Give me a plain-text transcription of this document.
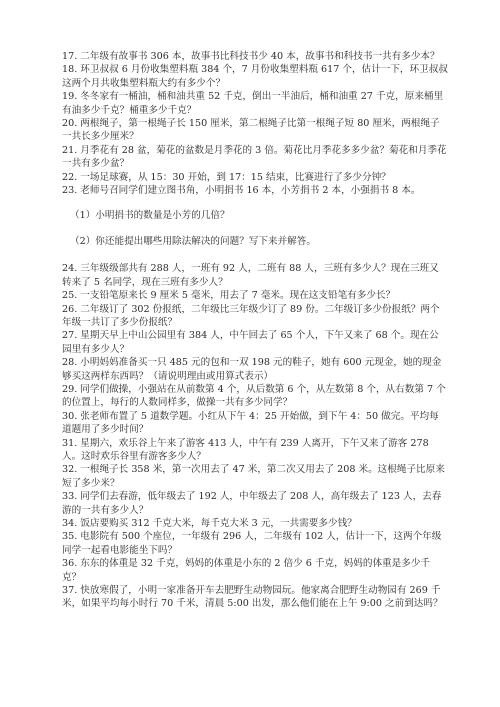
17. 二年级有故事书 306 本，故事书比科技书少 40 本，故事书和科技书一共有多少本？

18. 环卫叔叔 6 月份收集塑料瓶 384 个，7 月份收集塑料瓶 617 个，估计一下，环卫叔叔这两个月共收集塑料瓶大约有多少个？

19. 冬冬家有一桶油，桶和油共重 52 千克，倒出一半油后，桶和油重 27 千克，原来桶里有油多少千克？桶重多少千克？

20. 两根绳子，第一根绳子长 150 厘米，第二根绳子比第一根绳子短 80 厘米，两根绳子一共长多少厘米？

21. 月季花有 28 盆，菊花的盆数是月季花的 3 倍。菊花比月季花多多少盆？菊花和月季花一共有多少盆？

22. 一场足球赛，从 15：30 开始，到 17：15 结束，比赛进行了多少分钟？

23. 老师号召同学们建立图书角，小明捐书 16 本，小芳捐书 2 本，小强捐书 8 本。

（1）小明捐书的数量是小芳的几倍？

（2）你还能提出哪些用除法解决的问题？写下来并解答。

24. 三年级级部共有 288 人，一班有 92 人，二班有 88 人，三班有多少人？现在三班又转来了 5 名同学，现在三班有多少人？

25. 一支铅笔原来长 9 厘米 5 毫米，用去了 7 毫米。现在这支铅笔有多少长？

26. 二年级订了 302 份报纸，二年级比三年级少订了 89 份。二年级订多少份报纸？两个年级一共订了多少份报纸？

27. 星期天早上中山公园里有 384 人，中午回去了 65 个人，下午又来了 68 个。现在公园里有多少人？

28. 小明妈妈准备买一只 485 元的包和一双 198 元的鞋子，她有 600 元现金，她的现金够买这两样东西吗？（请说明理由或用算式表示）

29. 同学们做操，小强站在从前数第 4 个，从后数第 6 个，从左数第 8 个，从右数第 7 个的位置上，每行的人数同样多，做操一共有多少同学？

30. 张老师布置了 5 道数学题。小红从下午 4：25 开始做，到下午 4：50 做完。平均每道题用了多少时间？

31. 星期六，欢乐谷上午来了游客 413 人，中午有 239 人离开，下午又来了游客 278 人。这时欢乐谷里有游客多少人？

32. 一根绳子长 358 米，第一次用去了 47 米，第二次又用去了 208 米。这根绳子比原来短了多少米？

33. 同学们去春游，低年级去了 192 人，中年级去了 208 人，高年级去了 123 人，去春游的一共有多少人？

34. 饭店要购买 312 千克大米，每千克大米 3 元，一共需要多少钱？

35. 电影院有 500 个座位，一年级有 296 人，二年级有 102 人，估计一下，这两个年级同学一起看电影能坐下吗？

36. 东东的体重是 32 千克，妈妈的体重是小东的 2 倍少 6 千克，妈妈的体重是多少千克？

37. 快放寒假了，小明一家准备开车去肥野生动物园玩。他家离合肥野生动物园有 269 千米，如果平均每小时行 70 千米，清晨 5:00 出发，那么他们能在上午 9:00 之前到达吗？
